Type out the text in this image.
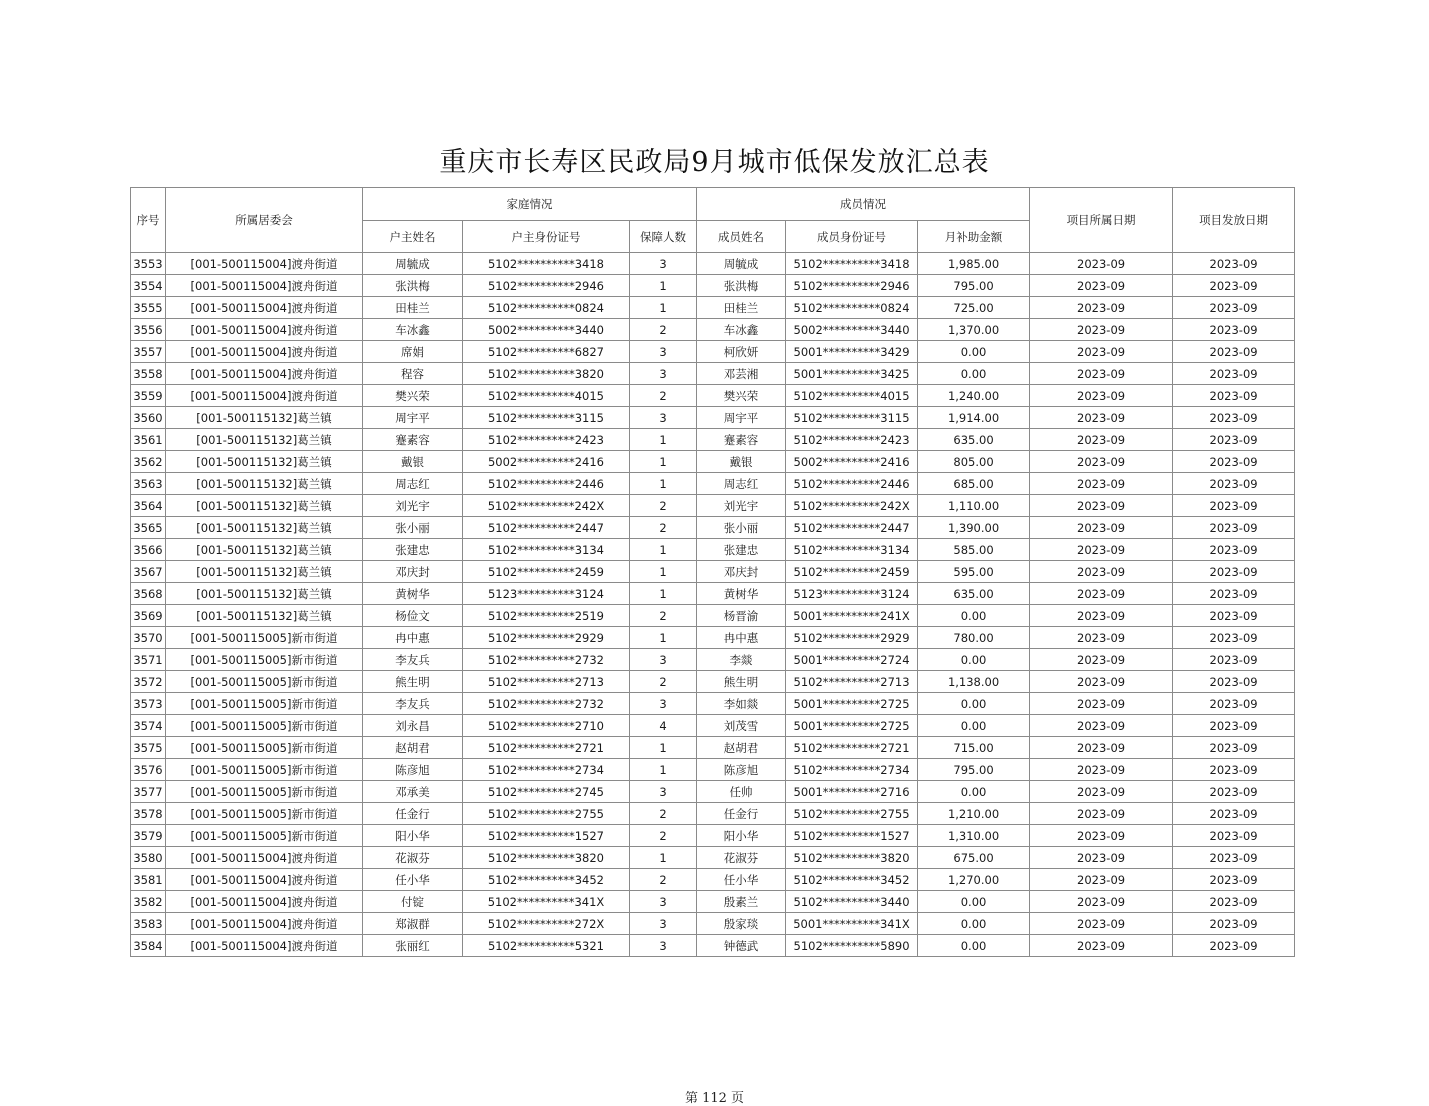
重庆市长寿区民政局9月城市低保发放汇总表
序号	所属居委会	家庭情况			成员情况			项目所属日期	项目发放日期
		户主姓名	户主身份证号	保障人数	成员姓名	成员身份证号	月补助金额		
3553	[001-500115004]渡舟街道	周毓成	5102**********3418	3	周毓成	5102**********3418	1,985.00	2023-09	2023-09
3554	[001-500115004]渡舟街道	张洪梅	5102**********2946	1	张洪梅	5102**********2946	795.00	2023-09	2023-09
3555	[001-500115004]渡舟街道	田桂兰	5102**********0824	1	田桂兰	5102**********0824	725.00	2023-09	2023-09
3556	[001-500115004]渡舟街道	车冰鑫	5002**********3440	2	车冰鑫	5002**********3440	1,370.00	2023-09	2023-09
3557	[001-500115004]渡舟街道	席娟	5102**********6827	3	柯欣妍	5001**********3429	0.00	2023-09	2023-09
3558	[001-500115004]渡舟街道	程容	5102**********3820	3	邓芸湘	5001**********3425	0.00	2023-09	2023-09
3559	[001-500115004]渡舟街道	樊兴荣	5102**********4015	2	樊兴荣	5102**********4015	1,240.00	2023-09	2023-09
3560	[001-500115132]葛兰镇	周宇平	5102**********3115	3	周宇平	5102**********3115	1,914.00	2023-09	2023-09
3561	[001-500115132]葛兰镇	蹇素容	5102**********2423	1	蹇素容	5102**********2423	635.00	2023-09	2023-09
3562	[001-500115132]葛兰镇	戴银	5002**********2416	1	戴银	5002**********2416	805.00	2023-09	2023-09
3563	[001-500115132]葛兰镇	周志红	5102**********2446	1	周志红	5102**********2446	685.00	2023-09	2023-09
3564	[001-500115132]葛兰镇	刘光宇	5102**********242X	2	刘光宇	5102**********242X	1,110.00	2023-09	2023-09
3565	[001-500115132]葛兰镇	张小丽	5102**********2447	2	张小丽	5102**********2447	1,390.00	2023-09	2023-09
3566	[001-500115132]葛兰镇	张建忠	5102**********3134	1	张建忠	5102**********3134	585.00	2023-09	2023-09
3567	[001-500115132]葛兰镇	邓庆封	5102**********2459	1	邓庆封	5102**********2459	595.00	2023-09	2023-09
3568	[001-500115132]葛兰镇	黄树华	5123**********3124	1	黄树华	5123**********3124	635.00	2023-09	2023-09
3569	[001-500115132]葛兰镇	杨俭文	5102**********2519	2	杨晋渝	5001**********241X	0.00	2023-09	2023-09
3570	[001-500115005]新市街道	冉中惠	5102**********2929	1	冉中惠	5102**********2929	780.00	2023-09	2023-09
3571	[001-500115005]新市街道	李友兵	5102**********2732	3	李燚	5001**********2724	0.00	2023-09	2023-09
3572	[001-500115005]新市街道	熊生明	5102**********2713	2	熊生明	5102**********2713	1,138.00	2023-09	2023-09
3573	[001-500115005]新市街道	李友兵	5102**********2732	3	李如燚	5001**********2725	0.00	2023-09	2023-09
3574	[001-500115005]新市街道	刘永昌	5102**********2710	4	刘茂雪	5001**********2725	0.00	2023-09	2023-09
3575	[001-500115005]新市街道	赵胡君	5102**********2721	1	赵胡君	5102**********2721	715.00	2023-09	2023-09
3576	[001-500115005]新市街道	陈彦旭	5102**********2734	1	陈彦旭	5102**********2734	795.00	2023-09	2023-09
3577	[001-500115005]新市街道	邓承美	5102**********2745	3	任帅	5001**********2716	0.00	2023-09	2023-09
3578	[001-500115005]新市街道	任金行	5102**********2755	2	任金行	5102**********2755	1,210.00	2023-09	2023-09
3579	[001-500115005]新市街道	阳小华	5102**********1527	2	阳小华	5102**********1527	1,310.00	2023-09	2023-09
3580	[001-500115004]渡舟街道	花淑芬	5102**********3820	1	花淑芬	5102**********3820	675.00	2023-09	2023-09
3581	[001-500115004]渡舟街道	任小华	5102**********3452	2	任小华	5102**********3452	1,270.00	2023-09	2023-09
3582	[001-500115004]渡舟街道	付锭	5102**********341X	3	殷素兰	5102**********3440	0.00	2023-09	2023-09
3583	[001-500115004]渡舟街道	郑淑群	5102**********272X	3	殷家琰	5001**********341X	0.00	2023-09	2023-09
3584	[001-500115004]渡舟街道	张丽红	5102**********5321	3	钟德武	5102**********5890	0.00	2023-09	2023-09
第 112 页
